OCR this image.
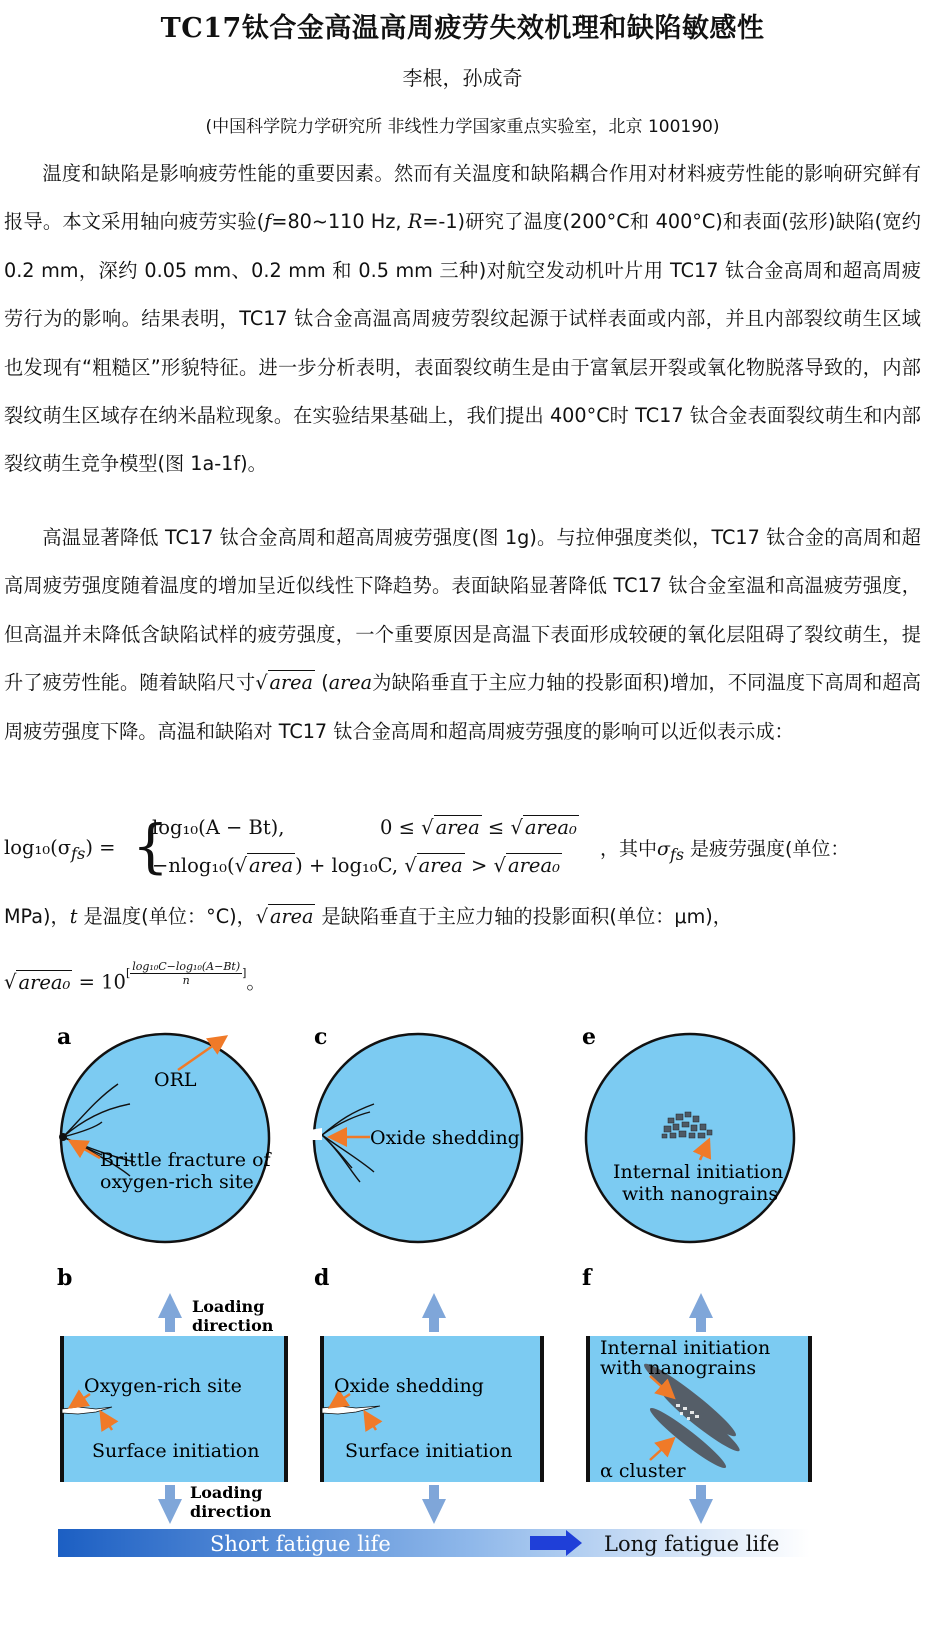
TC17钛合金高温高周疲劳失效机理和缺陷敏感性
李根，孙成奇
(中国科学院力学研究所 非线性力学国家重点实验室，北京 100190)

温度和缺陷是影响疲劳性能的重要因素。然而有关温度和缺陷耦合作用对材料疲劳性能的影响研究鲜有报导。本文采用轴向疲劳实验(f=80~110 Hz, R=-1)研究了温度(200°C和 400°C)和表面(弦形)缺陷(宽约 0.2 mm，深约 0.05 mm、0.2 mm 和 0.5 mm 三种)对航空发动机叶片用 TC17 钛合金高周和超高周疲劳行为的影响。结果表明，TC17 钛合金高温高周疲劳裂纹起源于试样表面或内部，并且内部裂纹萌生区域也发现有“粗糙区”形貌特征。进一步分析表明，表面裂纹萌生是由于富氧层开裂或氧化物脱落导致的，内部裂纹萌生区域存在纳米晶粒现象。在实验结果基础上，我们提出 400°C时 TC17 钛合金表面裂纹萌生和内部裂纹萌生竞争模型(图 1a-1f)。

高温显著降低 TC17 钛合金高周和超高周疲劳强度(图 1g)。与拉伸强度类似，TC17 钛合金的高周和超高周疲劳强度随着温度的增加呈近似线性下降趋势。表面缺陷显著降低 TC17 钛合金室温和高温疲劳强度，但高温并未降低含缺陷试样的疲劳强度，一个重要原因是高温下表面形成较硬的氧化层阻碍了裂纹萌生，提升了疲劳性能。随着缺陷尺寸√ area (area为缺陷垂直于主应力轴的投影面积)增加，不同温度下高周和超高周疲劳强度下降。高温和缺陷对 TC17 钛合金高周和超高周疲劳强度的影响可以近似表示成：

$\log_{10}(\sigma_{fs})$ = {
log₁₀(A − Bt),	0 ≤ √ area ≤ √ area₀
−nlog₁₀(√ area ) + log₁₀C, √ area > √ area₀
，其中$\sigma_{fs}$ 是疲劳强度(单位：
MPa)，t 是温度(单位：°C)，√ area 是缺陷垂直于主应力轴的投影面积(单位：μm)，
√ area₀ = $10[ \frac{\text{log₁₀C−log₁₀(A−Bt)}}{n}$ ]。
a	c	e
b	d	f
ORL
Brittle fracture of
oxygen-rich site
Oxide shedding
Internal initiation
with nanograins
Loading
direction
Oxygen-rich site
Surface initiation
Oxide shedding
Surface initiation
Internal initiation
with nanograins
α cluster
Loading
direction
Short fatigue life	Long fatigue life
